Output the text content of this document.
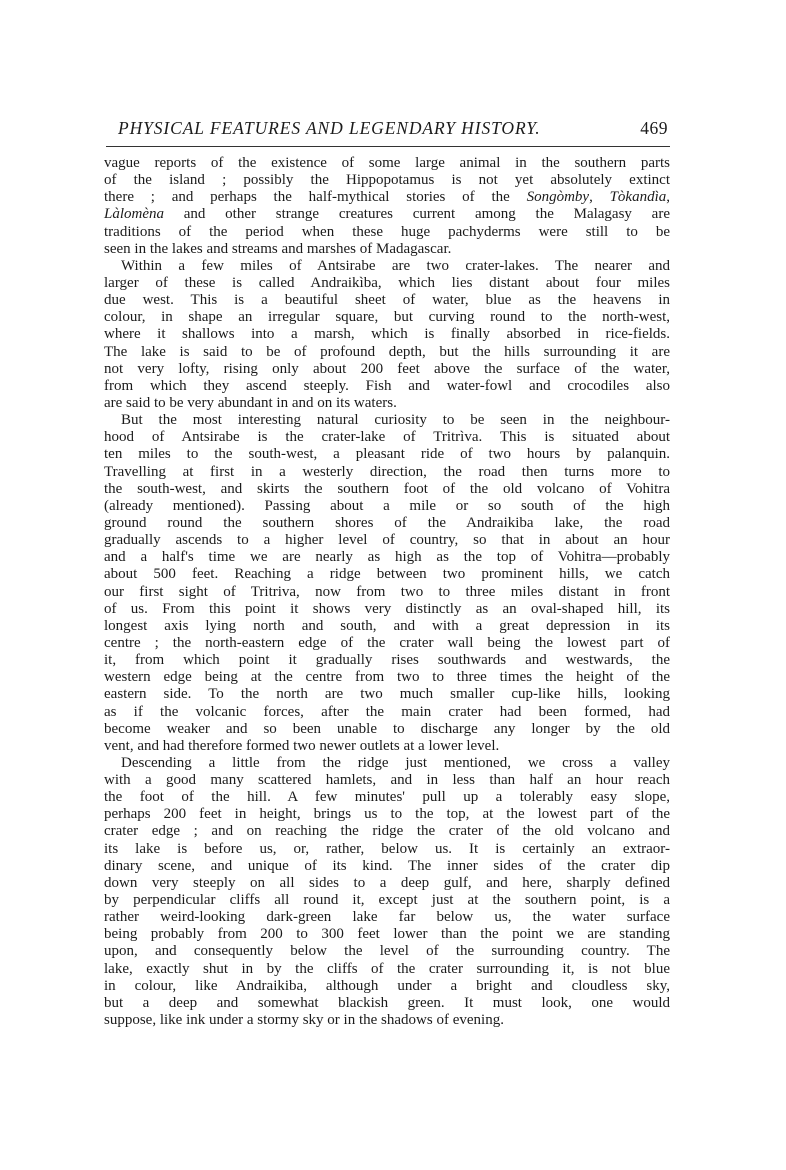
PHYSICAL FEATURES AND LEGENDARY HISTORY.	469
vague reports of the existence of some large animal in the southern parts
of the island ; possibly the Hippopotamus is not yet absolutely extinct
there ; and perhaps the half-mythical stories of the Songòmby, Tòkandìa,
Làlomèna and other strange creatures current among the Malagasy are
traditions of the period when these huge pachyderms were still to be
seen in the lakes and streams and marshes of Madagascar.
Within a few miles of Antsirabe are two crater-lakes. The nearer and
larger of these is called Andraikìba, which lies distant about four miles
due west. This is a beautiful sheet of water, blue as the heavens in
colour, in shape an irregular square, but curving round to the north-west,
where it shallows into a marsh, which is finally absorbed in rice-fields.
The lake is said to be of profound depth, but the hills surrounding it are
not very lofty, rising only about 200 feet above the surface of the water,
from which they ascend steeply. Fish and water-fowl and crocodiles also
are said to be very abundant in and on its waters.
But the most interesting natural curiosity to be seen in the neighbour-
hood of Antsirabe is the crater-lake of Tritrìva. This is situated about
ten miles to the south-west, a pleasant ride of two hours by palanquin.
Travelling at first in a westerly direction, the road then turns more to
the south-west, and skirts the southern foot of the old volcano of Vohitra
(already mentioned). Passing about a mile or so south of the high
ground round the southern shores of the Andraikiba lake, the road
gradually ascends to a higher level of country, so that in about an hour
and a half's time we are nearly as high as the top of Vohitra—probably
about 500 feet. Reaching a ridge between two prominent hills, we catch
our first sight of Tritriva, now from two to three miles distant in front
of us. From this point it shows very distinctly as an oval-shaped hill, its
longest axis lying north and south, and with a great depression in its
centre ; the north-eastern edge of the crater wall being the lowest part of
it, from which point it gradually rises southwards and westwards, the
western edge being at the centre from two to three times the height of the
eastern side. To the north are two much smaller cup-like hills, looking
as if the volcanic forces, after the main crater had been formed, had
become weaker and so been unable to discharge any longer by the old
vent, and had therefore formed two newer outlets at a lower level.
Descending a little from the ridge just mentioned, we cross a valley
with a good many scattered hamlets, and in less than half an hour reach
the foot of the hill. A few minutes' pull up a tolerably easy slope,
perhaps 200 feet in height, brings us to the top, at the lowest part of the
crater edge ; and on reaching the ridge the crater of the old volcano and
its lake is before us, or, rather, below us. It is certainly an extraor-
dinary scene, and unique of its kind. The inner sides of the crater dip
down very steeply on all sides to a deep gulf, and here, sharply defined
by perpendicular cliffs all round it, except just at the southern point, is a
rather weird-looking dark-green lake far below us, the water surface
being probably from 200 to 300 feet lower than the point we are standing
upon, and consequently below the level of the surrounding country. The
lake, exactly shut in by the cliffs of the crater surrounding it, is not blue
in colour, like Andraikiba, although under a bright and cloudless sky,
but a deep and somewhat blackish green. It must look, one would
suppose, like ink under a stormy sky or in the shadows of evening.
